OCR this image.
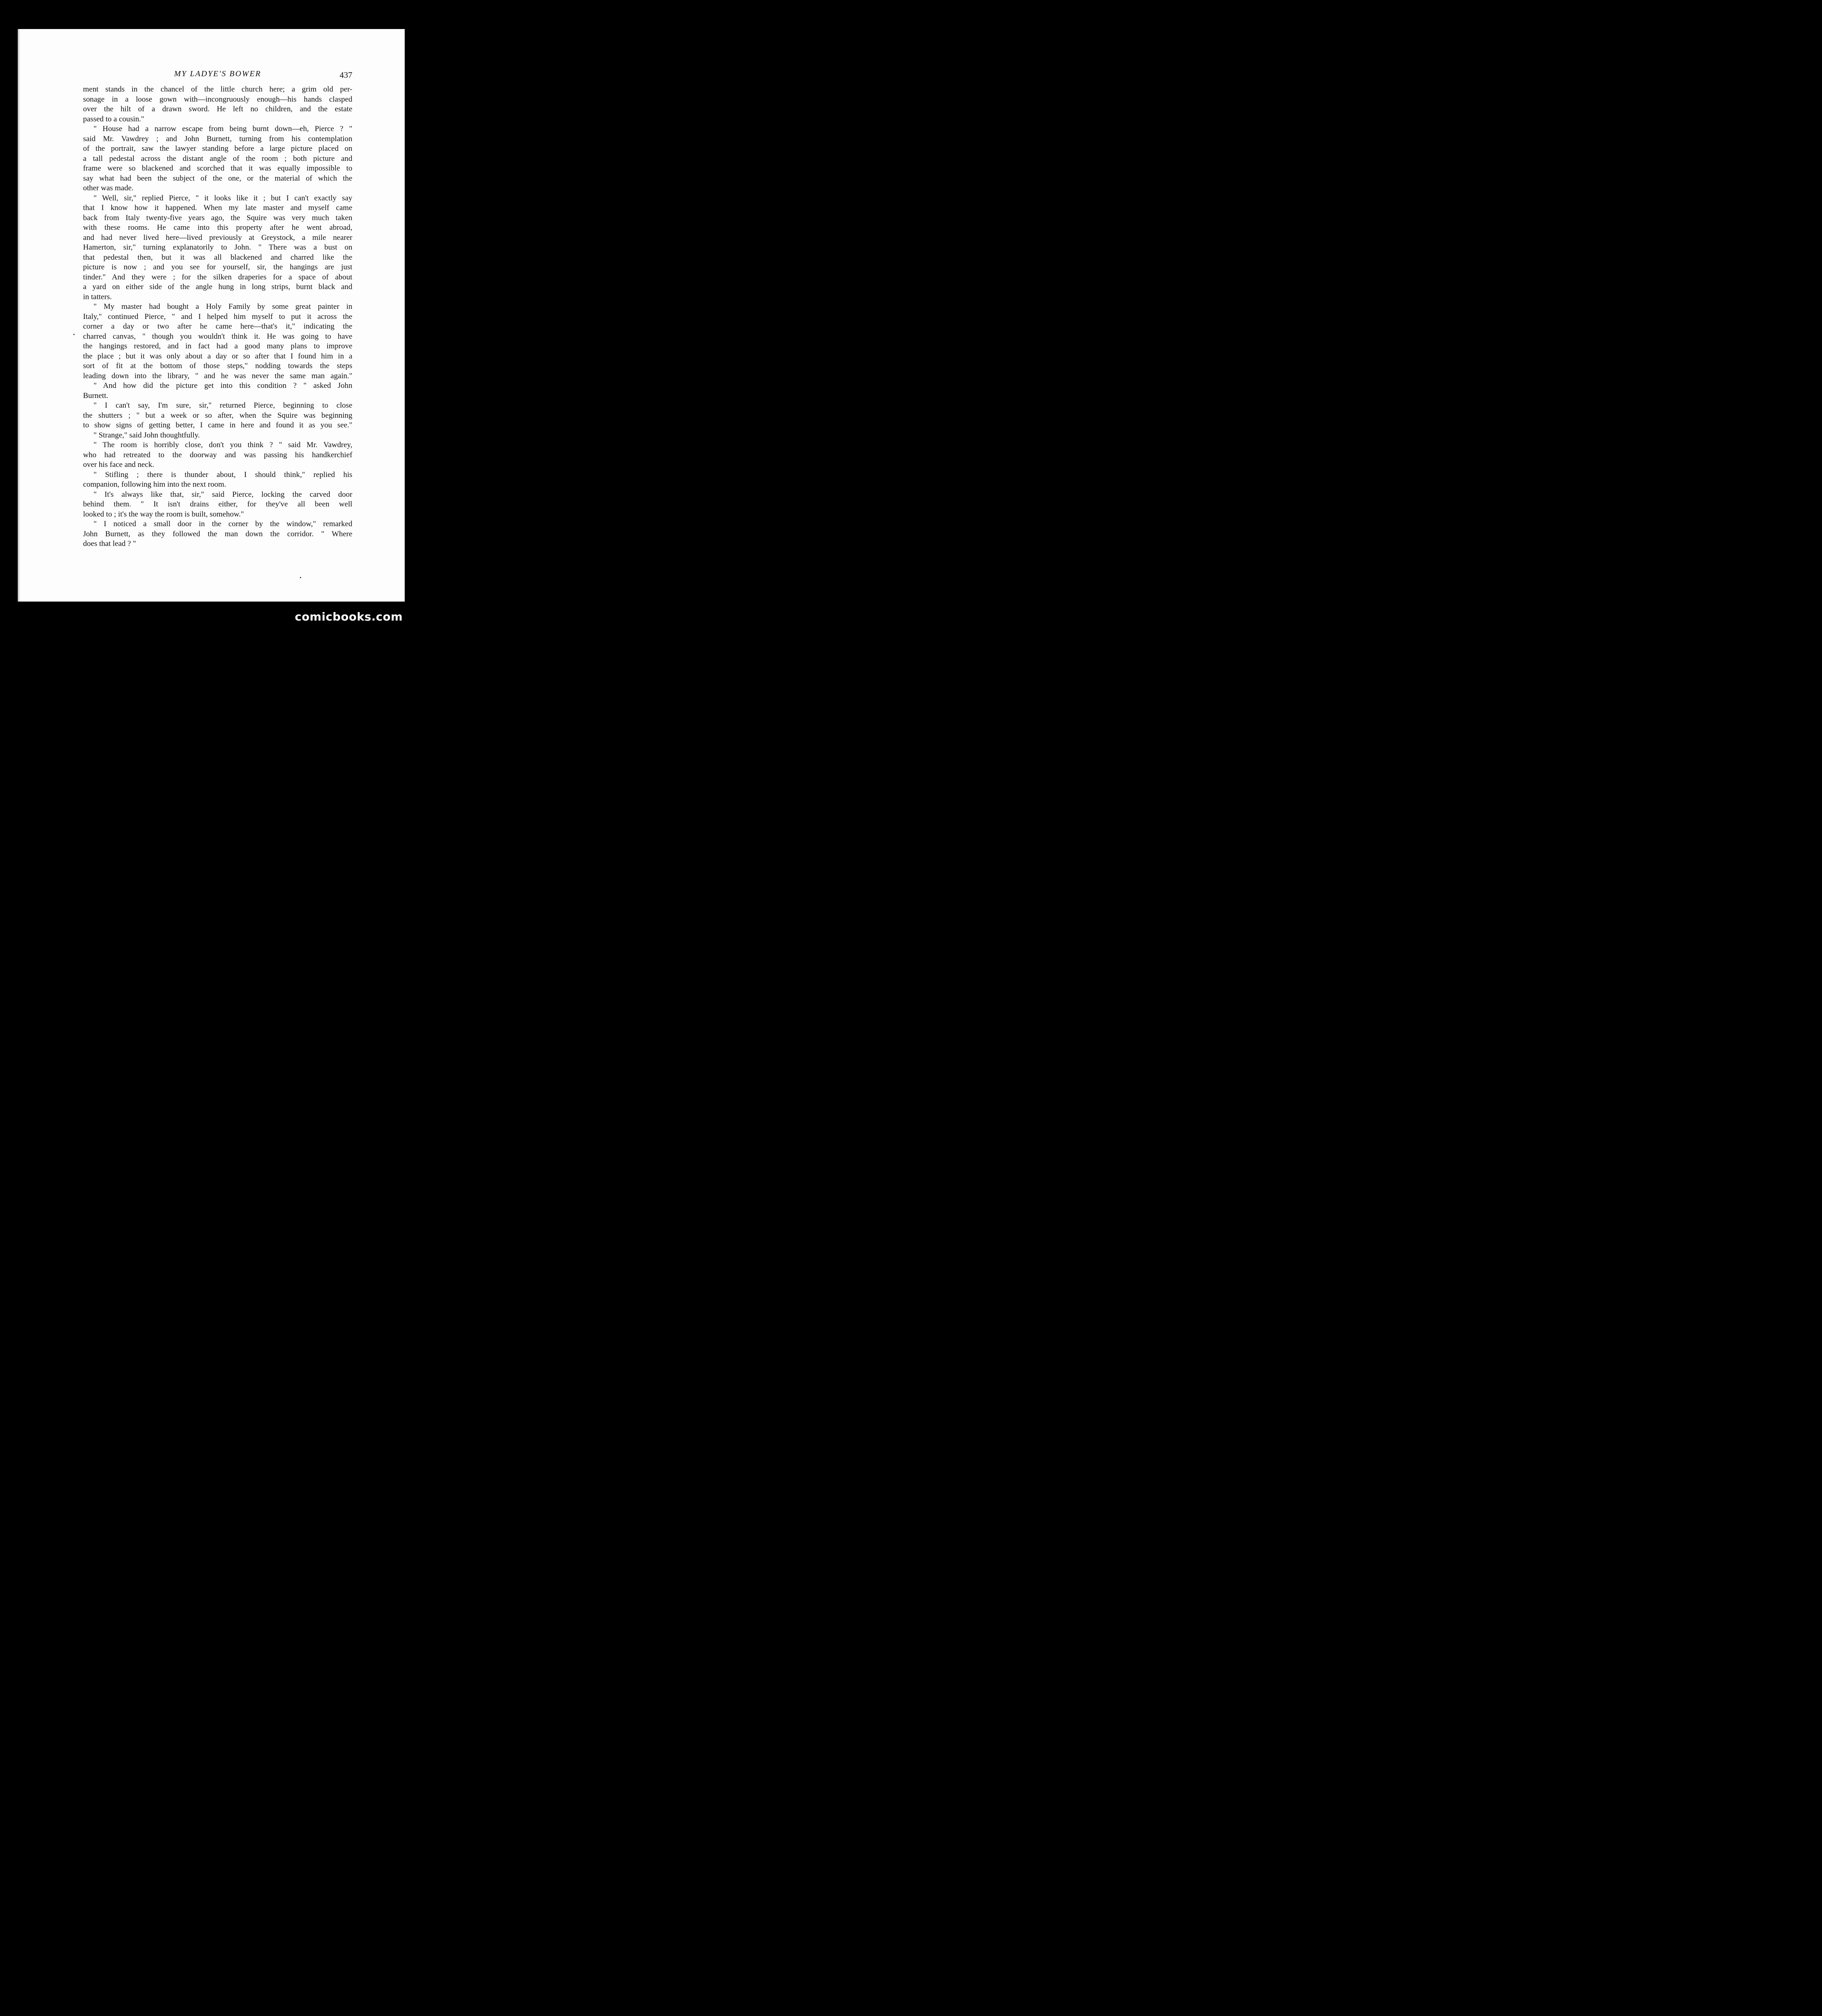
MY LADYE'S BOWER	437
ment stands in the chancel of the little church here; a grim old per-
sonage in a loose gown with—incongruously enough—his hands clasped
over the hilt of a drawn sword. He left no children, and the estate
passed to a cousin."
" House had a narrow escape from being burnt down—eh, Pierce ? "
said Mr. Vawdrey ; and John Burnett, turning from his contemplation
of the portrait, saw the lawyer standing before a large picture placed on
a tall pedestal across the distant angle of the room ; both picture and
frame were so blackened and scorched that it was equally impossible to
say what had been the subject of the one, or the material of which the
other was made.
" Well, sir," replied Pierce, " it looks like it ; but I can't exactly say
that I know how it happened. When my late master and myself came
back from Italy twenty-five years ago, the Squire was very much taken
with these rooms. He came into this property after he went abroad,
and had never lived here—lived previously at Greystock, a mile nearer
Hamerton, sir," turning explanatorily to John. " There was a bust on
that pedestal then, but it was all blackened and charred like the
picture is now ; and you see for yourself, sir, the hangings are just
tinder." And they were ; for the silken draperies for a space of about
a yard on either side of the angle hung in long strips, burnt black and
in tatters.
" My master had bought a Holy Family by some great painter in
Italy," continued Pierce, " and I helped him myself to put it across the
corner a day or two after he came here—that's it," indicating the
charred canvas, " though you wouldn't think it. He was going to have
the hangings restored, and in fact had a good many plans to improve
the place ; but it was only about a day or so after that I found him in a
sort of fit at the bottom of those steps," nodding towards the steps
leading down into the library, " and he was never the same man again."
" And how did the picture get into this condition ? " asked John
Burnett.
" I can't say, I'm sure, sir," returned Pierce, beginning to close
the shutters ; " but a week or so after, when the Squire was beginning
to show signs of getting better, I came in here and found it as you see."
" Strange," said John thoughtfully.
" The room is horribly close, don't you think ? " said Mr. Vawdrey,
who had retreated to the doorway and was passing his handkerchief
over his face and neck.
" Stifling ; there is thunder about, I should think," replied his
companion, following him into the next room.
" It's always like that, sir," said Pierce, locking the carved door
behind them. " It isn't drains either, for they've all been well
looked to ; it's the way the room is built, somehow."
" I noticed a small door in the corner by the window," remarked
John Burnett, as they followed the man down the corridor. " Where
does that lead ? "
comicbooks.com
